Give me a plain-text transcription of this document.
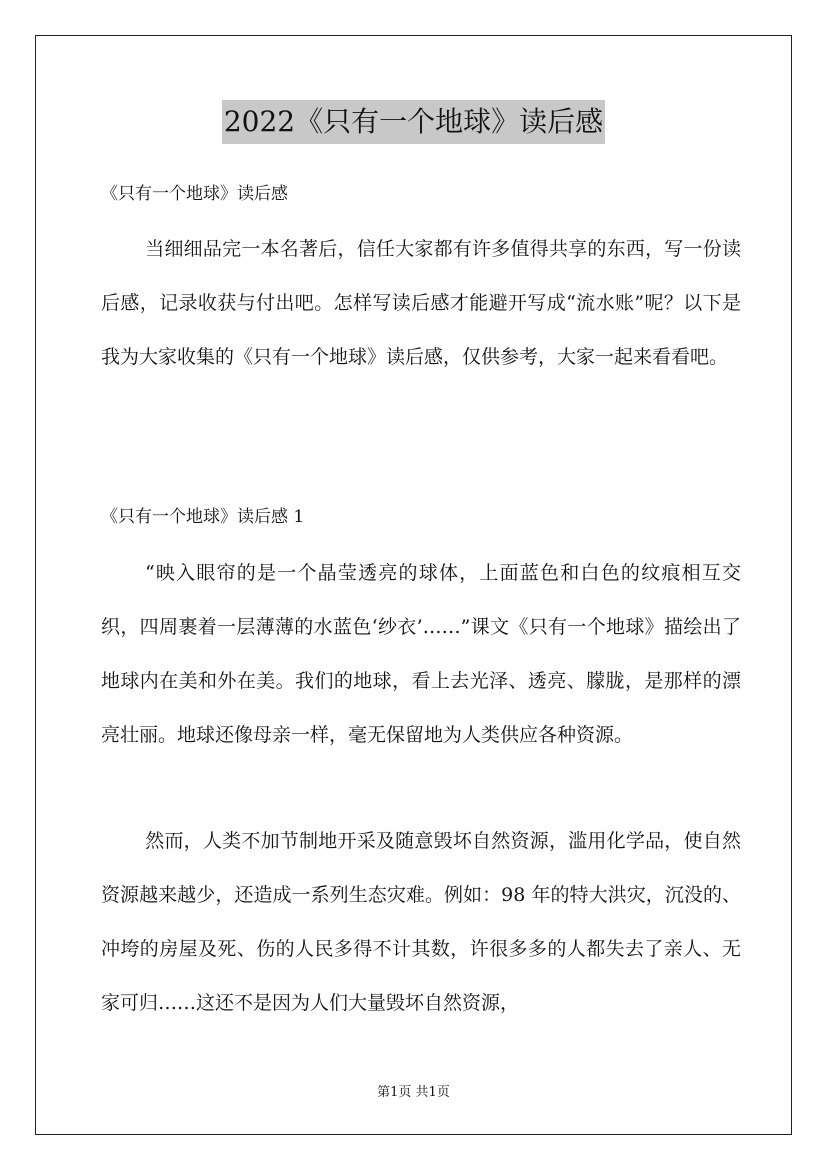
2022《只有一个地球》读后感
《只有一个地球》读后感

当细细品完一本名著后，信任大家都有许多值得共享的东西，写一份读后感，记录收获与付出吧。怎样写读后感才能避开写成“流水账”呢？以下是我为大家收集的《只有一个地球》读后感，仅供参考，大家一起来看看吧。

《只有一个地球》读后感 1

“映入眼帘的是一个晶莹透亮的球体，上面蓝色和白色的纹痕相互交织，四周裹着一层薄薄的水蓝色‘纱衣’……”课文《只有一个地球》描绘出了地球内在美和外在美。我们的地球，看上去光泽、透亮、朦胧，是那样的漂亮壮丽。地球还像母亲一样，毫无保留地为人类供应各种资源。

然而，人类不加节制地开采及随意毁坏自然资源，滥用化学品，使自然资源越来越少，还造成一系列生态灾难。例如：98 年的特大洪灾，沉没的、冲垮的房屋及死、伤的人民多得不计其数，许很多多的人都失去了亲人、无家可归……这还不是因为人们大量毁坏自然资源，

第1页 共1页
